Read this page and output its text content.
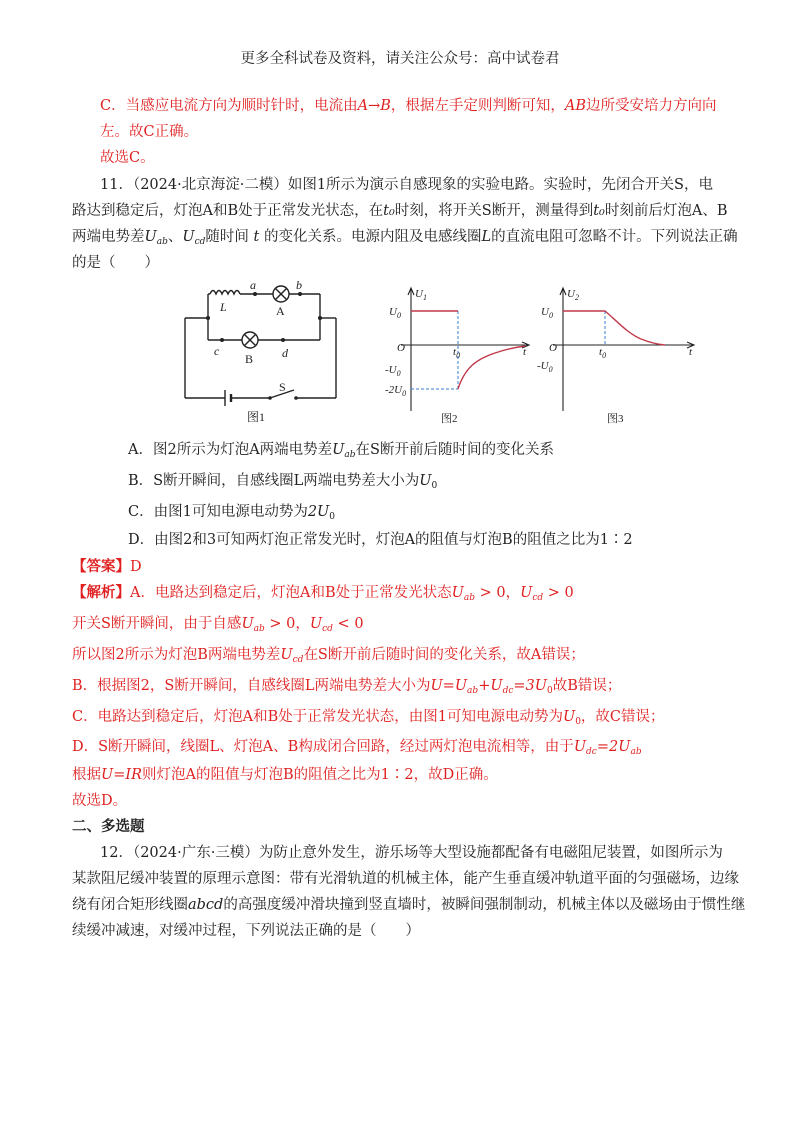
更多全科试卷及资料，请关注公众号：高中试卷君
C．当感应电流方向为顺时针时，电流由A→B，根据左手定则判断可知，AB边所受安培力方向向
左。故C正确。
故选C。
11．（2024·北京海淀·二模）如图1所示为演示自感现象的实验电路。实验时，先闭合开关S，电
路达到稳定后，灯泡A和B处于正常发光状态，在t₀时刻，将开关S断开，测量得到t₀时刻前后灯泡A、B
两端电势差$U_{ab}$、$U_{cd}$随时间 t 的变化关系。电源内阻及电感线圈L的直流电阻可忽略不计。下列说法正确
的是（　　）
L
a	b
A
B
c	d
S
图1
$U_1$
$U_0$
O
$-U_0$
$-2U_0$
$t_0$	t
图2
$U_2$
$U_0$
O
$-U_0$
$t_0$	t
图3
A．图2所示为灯泡A两端电势差$U_{ab}$在S断开前后随时间的变化关系
B．S断开瞬间，自感线圈L两端电势差大小为$U_0$
C．由图1可知电源电动势为$2U_0$
D．由图2和3可知两灯泡正常发光时，灯泡A的阻值与灯泡B的阻值之比为1∶2
【答案】D
【解析】A．电路达到稳定后，灯泡A和B处于正常发光状态$U_{ab} > 0$，$U_{cd} > 0$
开关S断开瞬间，由于自感$U_{ab} > 0$，$U_{cd} < 0$
所以图2所示为灯泡B两端电势差$U_{cd}$在S断开前后随时间的变化关系，故A错误；
B．根据图2，S断开瞬间，自感线圈L两端电势差大小为$U=U_{ab}+U_{dc}=3U_0$故B错误；
C．电路达到稳定后，灯泡A和B处于正常发光状态，由图1可知电源电动势为$U_0$，故C错误；
D．S断开瞬间，线圈L、灯泡A、B构成闭合回路，经过两灯泡电流相等，由于$U_{dc}=2U_{ab}$
根据U=IR则灯泡A的阻值与灯泡B的阻值之比为1∶2，故D正确。
故选D。
二、多选题
12．（2024·广东·三模）为防止意外发生，游乐场等大型设施都配备有电磁阻尼装置，如图所示为
某款阻尼缓冲装置的原理示意图：带有光滑轨道的机械主体，能产生垂直缓冲轨道平面的匀强磁场，边缘
绕有闭合矩形线圈abcd的高强度缓冲滑块撞到竖直墙时，被瞬间强制制动，机械主体以及磁场由于惯性继
续缓冲减速，对缓冲过程，下列说法正确的是（　　）
